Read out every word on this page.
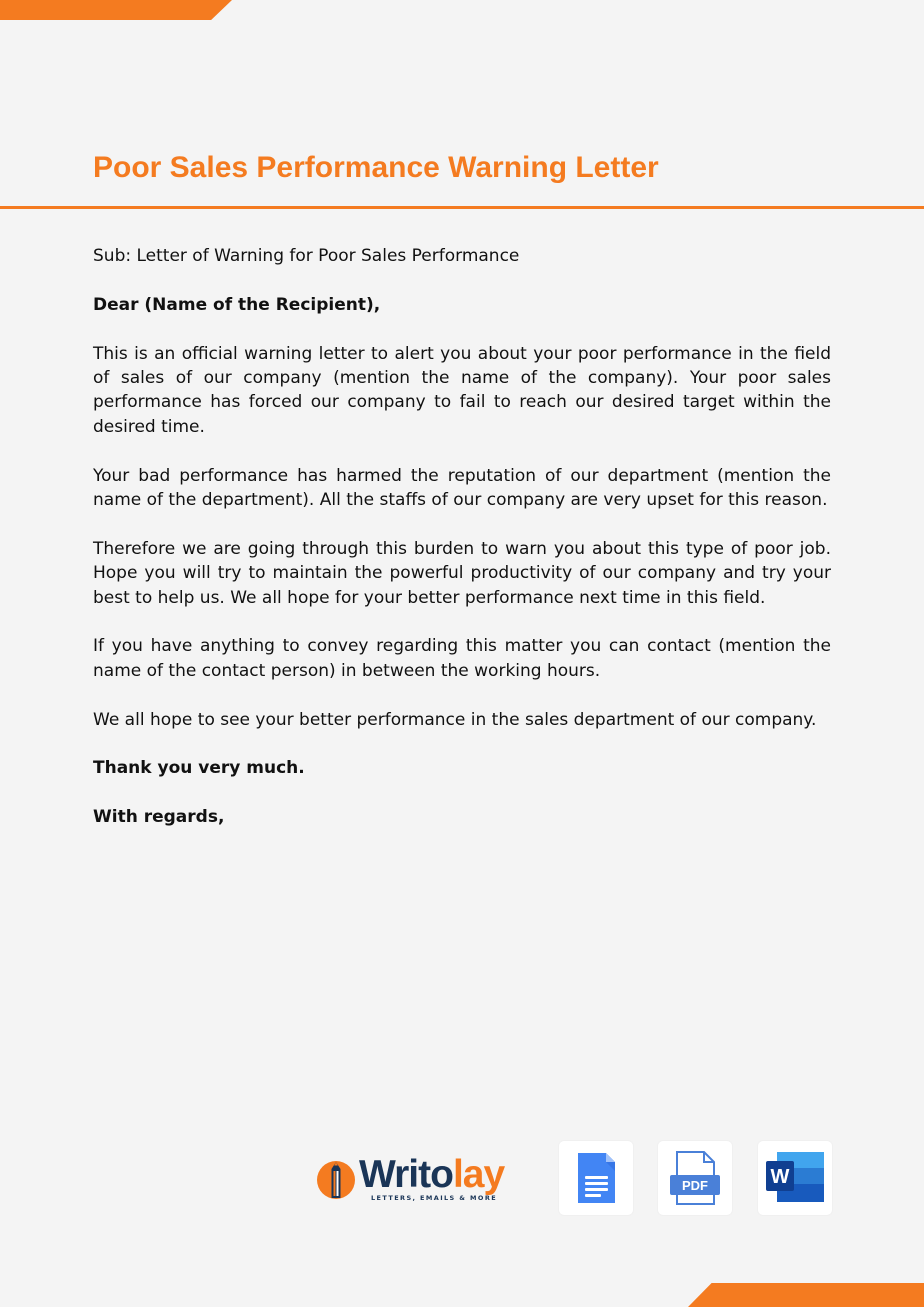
Poor Sales Performance Warning Letter

Sub: Letter of Warning for Poor Sales Performance

Dear (Name of the Recipient),

This is an official warning letter to alert you about your poor performance in the field of sales of our company (mention the name of the company). Your poor sales performance has forced our company to fail to reach our desired target within the desired time.

Your bad performance has harmed the reputation of our department (mention the name of the department). All the staffs of our company are very upset for this reason.

Therefore we are going through this burden to warn you about this type of poor job. Hope you will try to maintain the powerful productivity of our company and try your best to help us. We all hope for your better performance next time in this field.

If you have anything to convey regarding this matter you can contact (mention the name of the contact person) in between the working hours.

We all hope to see your better performance in the sales department of our company.

Thank you very much.

With regards,

Writolay
LETTERS, EMAILS & MORE
PDF	W
